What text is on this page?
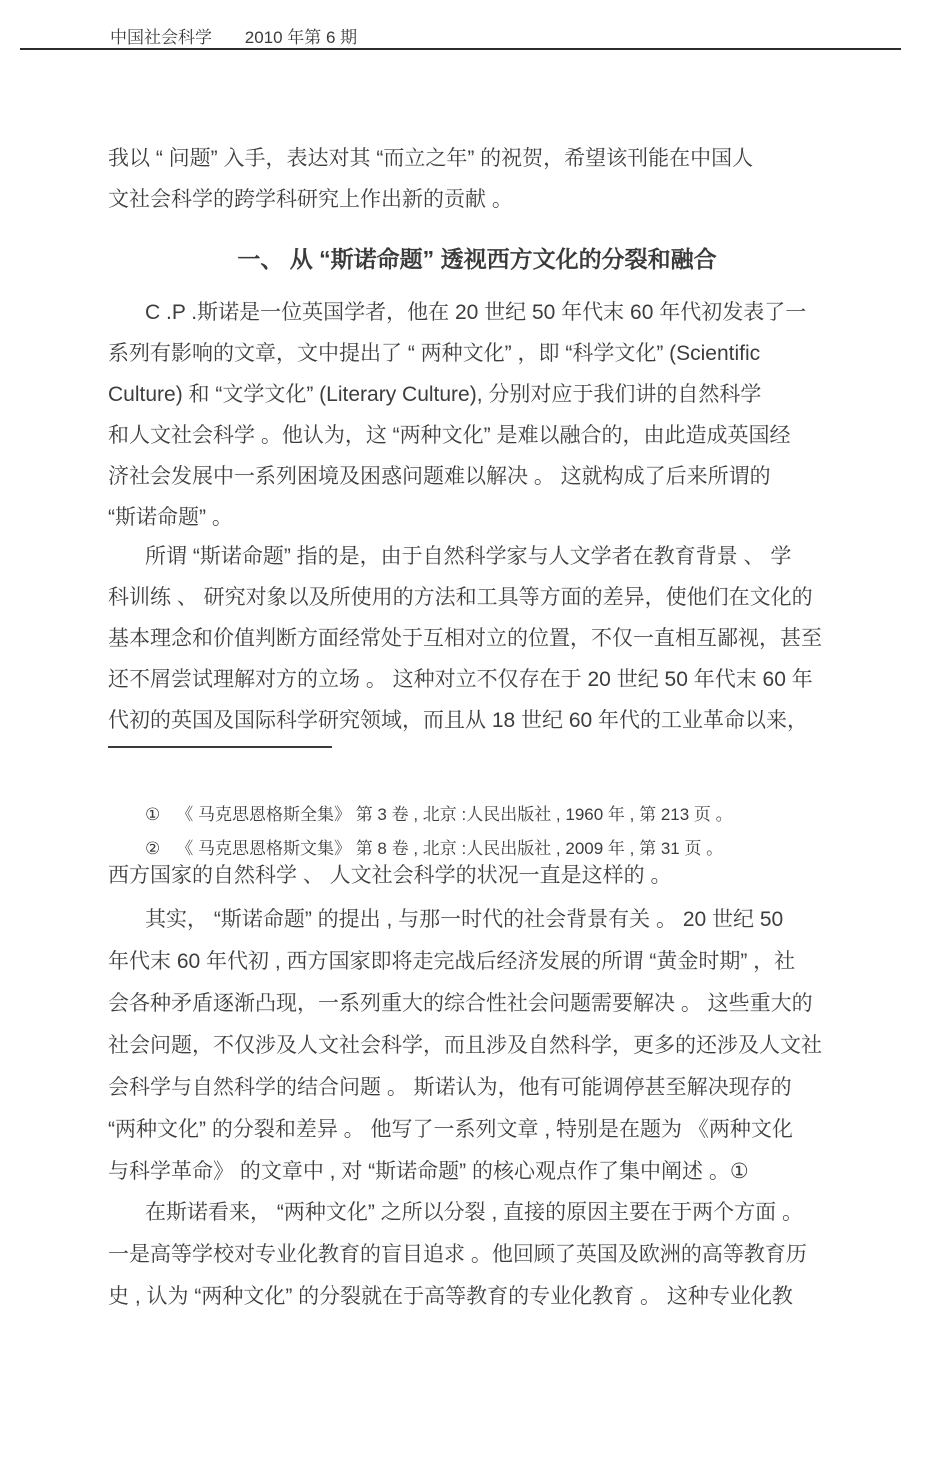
中国社会科学 2010 年第 6 期
我以 “ 问题” 入手，表达对其 “而立之年” 的祝贺，希望该刊能在中国人
文社会科学的跨学科研究上作出新的贡献 。
一、 从 “斯诺命题” 透视西方文化的分裂和融合
C .P .斯诺是一位英国学者，他在 20 世纪 50 年代末 60 年代初发表了一
系列有影响的文章，文中提出了 “ 两种文化” ，即 “科学文化” (Scientific
Culture) 和 “文学文化” (Literary Culture), 分别对应于我们讲的自然科学
和人文社会科学 。他认为，这 “两种文化” 是难以融合的，由此造成英国经
济社会发展中一系列困境及困惑问题难以解决 。 这就构成了后来所谓的
“斯诺命题” 。
所谓 “斯诺命题” 指的是，由于自然科学家与人文学者在教育背景 、 学
科训练 、 研究对象以及所使用的方法和工具等方面的差异，使他们在文化的
基本理念和价值判断方面经常处于互相对立的位置，不仅一直相互鄙视，甚至
还不屑尝试理解对方的立场 。 这种对立不仅存在于 20 世纪 50 年代末 60 年
代初的英国及国际科学研究领域，而且从 18 世纪 60 年代的工业革命以来，
① 《 马克思恩格斯全集》 第 3 卷 , 北京 :人民出版社 , 1960 年 , 第 213 页 。
② 《 马克思恩格斯文集》 第 8 卷 , 北京 :人民出版社 , 2009 年 , 第 31 页 。
西方国家的自然科学 、 人文社会科学的状况一直是这样的 。
其实， “斯诺命题” 的提出 , 与那一时代的社会背景有关 。 20 世纪 50
年代末 60 年代初 , 西方国家即将走完战后经济发展的所谓 “黄金时期” ，社
会各种矛盾逐渐凸现，一系列重大的综合性社会问题需要解决 。 这些重大的
社会问题，不仅涉及人文社会科学，而且涉及自然科学，更多的还涉及人文社
会科学与自然科学的结合问题 。 斯诺认为，他有可能调停甚至解决现存的
“两种文化” 的分裂和差异 。 他写了一系列文章 , 特别是在题为 《两种文化
与科学革命》 的文章中 , 对 “斯诺命题” 的核心观点作了集中阐述 。①
在斯诺看来， “两种文化” 之所以分裂 , 直接的原因主要在于两个方面 。
一是高等学校对专业化教育的盲目追求 。他回顾了英国及欧洲的高等教育历
史 , 认为 “两种文化” 的分裂就在于高等教育的专业化教育 。 这种专业化教
